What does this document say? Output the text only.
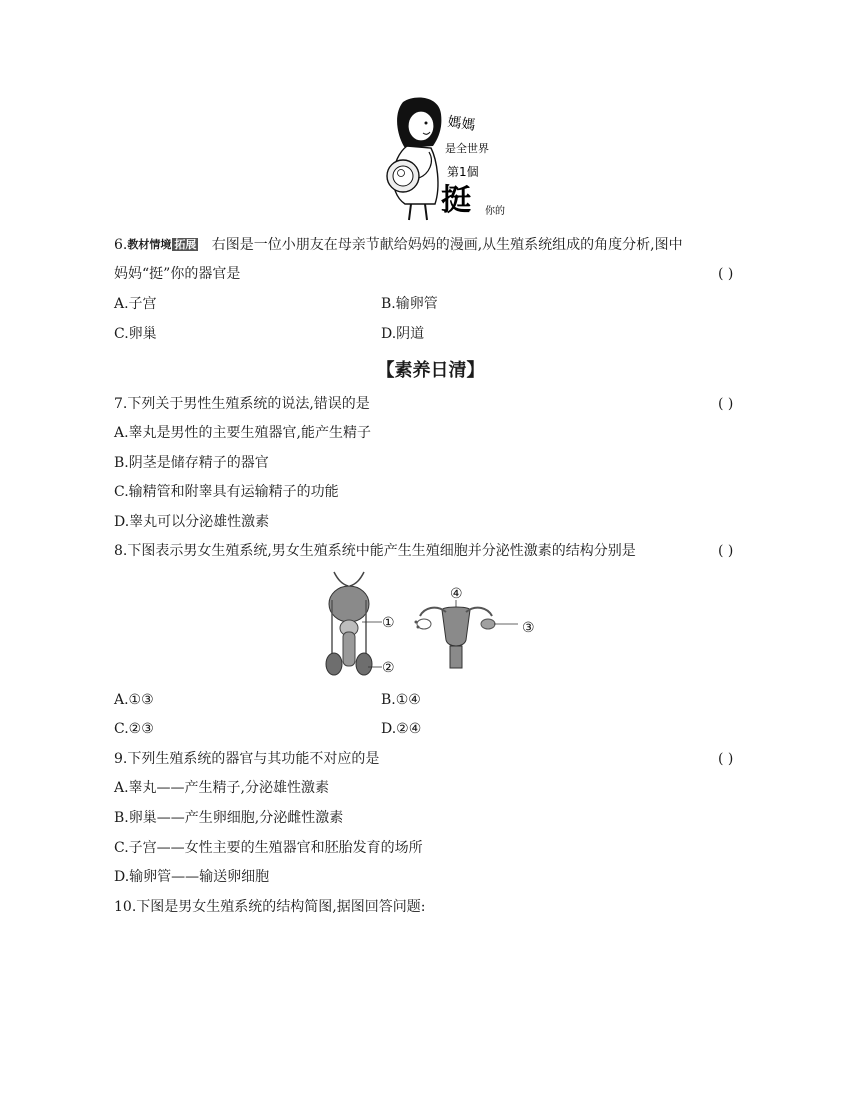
媽媽
是全世界
第1個
挺 你的
6.教材情境 拓展 右图是一位小朋友在母亲节献给妈妈的漫画,从生殖系统组成的角度分析,图中
妈妈“挺”你的器官是	( )
A.子宫	B.输卵管
C.卵巢	D.阴道
【素养日清】
7.下列关于男性生殖系统的说法,错误的是	( )
A.睾丸是男性的主要生殖器官,能产生精子
B.阴茎是储存精子的器官
C.输精管和附睾具有运输精子的功能
D.睾丸可以分泌雄性激素
8.下图表示男女生殖系统,男女生殖系统中能产生生殖细胞并分泌性激素的结构分别是	( )
①
②
④
③
A.①③	B.①④
C.②③	D.②④
9.下列生殖系统的器官与其功能不对应的是	( )
A.睾丸——产生精子,分泌雄性激素
B.卵巢——产生卵细胞,分泌雌性激素
C.子宫——女性主要的生殖器官和胚胎发育的场所
D.输卵管——输送卵细胞
10.下图是男女生殖系统的结构简图,据图回答问题:
